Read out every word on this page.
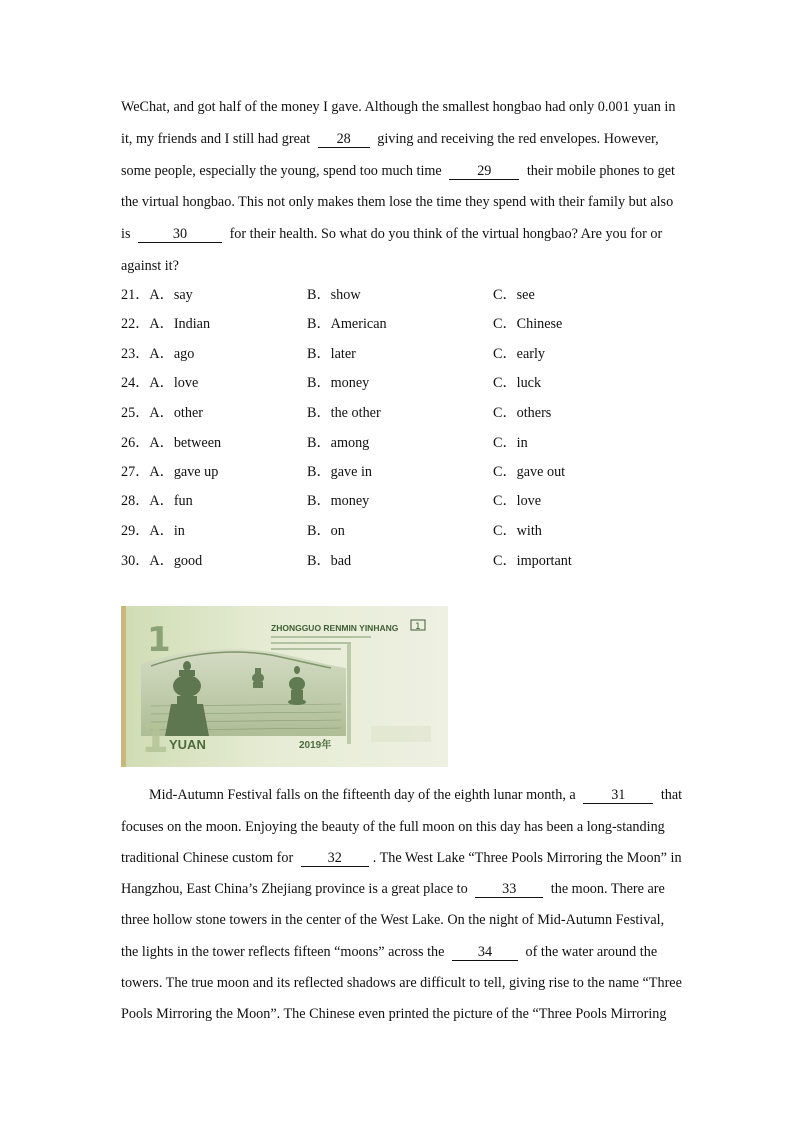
WeChat, and got half of the money I gave. Although the smallest hongbao had only 0.001 yuan in
it, my friends and I still had great 28 giving and receiving the red envelopes. However,
some people, especially the young, spend too much time 29 their mobile phones to get
the virtual hongbao. This not only makes them lose the time they spend with their family but also
is	30	for their health. So what do you think of the virtual hongbao? Are you for or
against it?
21．A．say	B．show	C．see
22．A．Indian	B．American	C．Chinese
23．A．ago	B．later	C．early
24．A．love	B．money	C．luck
25．A．other	B．the other	C．others
26．A．between	B．among	C．in
27．A．gave up	B．gave in	C．gave out
28．A．fun	B．money	C．love
29．A．in	B．on	C．with
30．A．good	B．bad	C．important
1
1 YUAN
ZHONGGUO RENMIN YINHANG 1
2019年
Mid-Autumn Festival falls on the fifteenth day of the eighth lunar month, a 31 that
focuses on the moon. Enjoying the beauty of the full moon on this day has been a long-standing
traditional Chinese custom for 32 . The West Lake “Three Pools Mirroring the Moon” in
Hangzhou, East China’s Zhejiang province is a great place to 33 the moon. There are
three hollow stone towers in the center of the West Lake. On the night of Mid-Autumn Festival,
the lights in the tower reflects fifteen “moons” across the 34 of the water around the
towers. The true moon and its reflected shadows are difficult to tell, giving rise to the name “Three
Pools Mirroring the Moon”. The Chinese even printed the picture of the “Three Pools Mirroring
